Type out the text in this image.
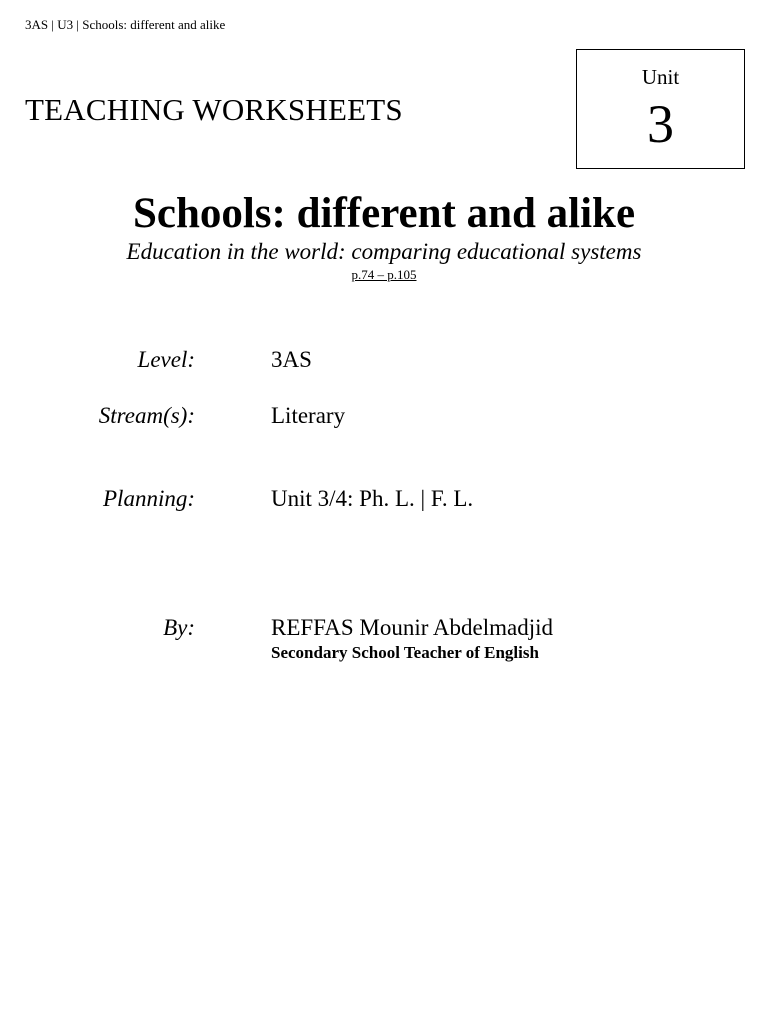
3AS | U3 | Schools: different and alike
TEACHING WORKSHEETS
Unit
3
Schools: different and alike
Education in the world: comparing educational systems
p.74 – p.105
Level:	3AS
Stream(s):	Literary
Planning:	Unit 3/4: Ph. L. | F. L.
By:	REFFAS Mounir Abdelmadjid
Secondary School Teacher of English
